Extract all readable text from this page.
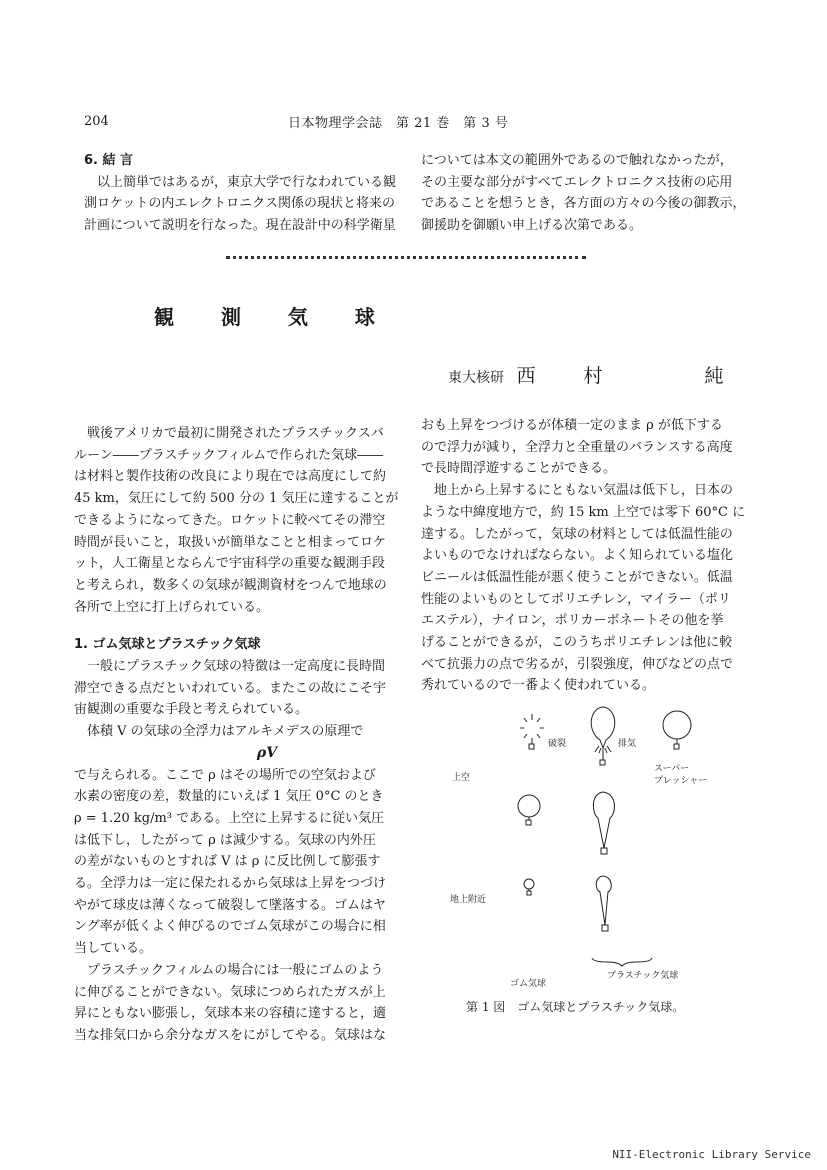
204	日本物理学会誌　第 21 巻　第 3 号
6. 結 言

以上簡単ではあるが，東京大学で行なわれている観

測ロケットの内エレクトロニクス関係の現状と将来の

計画について説明を行なった。現在設計中の科学衛星

については本文の範囲外であるので触れなかったが，

その主要な部分がすべてエレクトロニクス技術の応用

であることを想うとき，各方面の方々の今後の御教示，

御援助を御願い申上げる次第である。

観 測 気 球
東大核研 西村 純

戦後アメリカで最初に開発されたプラスチックスバ

ルーン――プラスチックフィルムで作られた気球――

は材料と製作技術の改良により現在では高度にして約

45 km，気圧にして約 500 分の 1 気圧に達することが

できるようになってきた。ロケットに較べてその滞空

時間が長いこと，取扱いが簡単なことと相まってロケ

ット，人工衛星とならんで宇宙科学の重要な観測手段

と考えられ，数多くの気球が観測資材をつんで地球の

各所で上空に打上げられている。

1. ゴム気球とプラスチック気球

一般にプラスチック気球の特徴は一定高度に長時間

滞空できる点だといわれている。またこの故にこそ宇

宙観測の重要な手段と考えられている。

体積 V の気球の全浮力はアルキメデスの原理で

ρV

で与えられる。ここで ρ はその場所での空気および

水素の密度の差，数量的にいえば 1 気圧 0°C のとき

ρ = 1.20 kg/m³ である。上空に上昇するに従い気圧

は低下し，したがって ρ は減少する。気球の内外圧

の差がないものとすれば V は ρ に反比例して膨張す

る。全浮力は一定に保たれるから気球は上昇をつづけ

やがて球皮は薄くなって破裂して墜落する。ゴムはヤ

ング率が低くよく伸びるのでゴム気球がこの場合に相

当している。

プラスチックフィルムの場合には一般にゴムのよう

に伸びることができない。気球につめられたガスが上

昇にともない膨張し，気球本来の容積に達すると，適

当な排気口から余分なガスをにがしてやる。気球はな

おも上昇をつづけるが体積一定のまま ρ が低下する

ので浮力が減り，全浮力と全重量のバランスする高度

で長時間浮遊することができる。

地上から上昇するにともない気温は低下し，日本の

ような中緯度地方で，約 15 km 上空では零下 60°C に

達する。したがって，気球の材料としては低温性能の

よいものでなければならない。よく知られている塩化

ビニールは低温性能が悪く使うことができない。低温

性能のよいものとしてポリエチレン，マイラー（ポリ

エステル），ナイロン，ポリカーボネートその他を挙

げることができるが，このうちポリエチレンは他に較

べて抗張力の点で劣るが，引裂強度，伸びなどの点で

秀れているので一番よく使われている。

破裂	排気
スーパー
プレッシャー
上空
地上附近
プラスチック気球
ゴム気球
第 1 図　ゴム気球とプラスチック気球。
NII-Electronic Library Service
